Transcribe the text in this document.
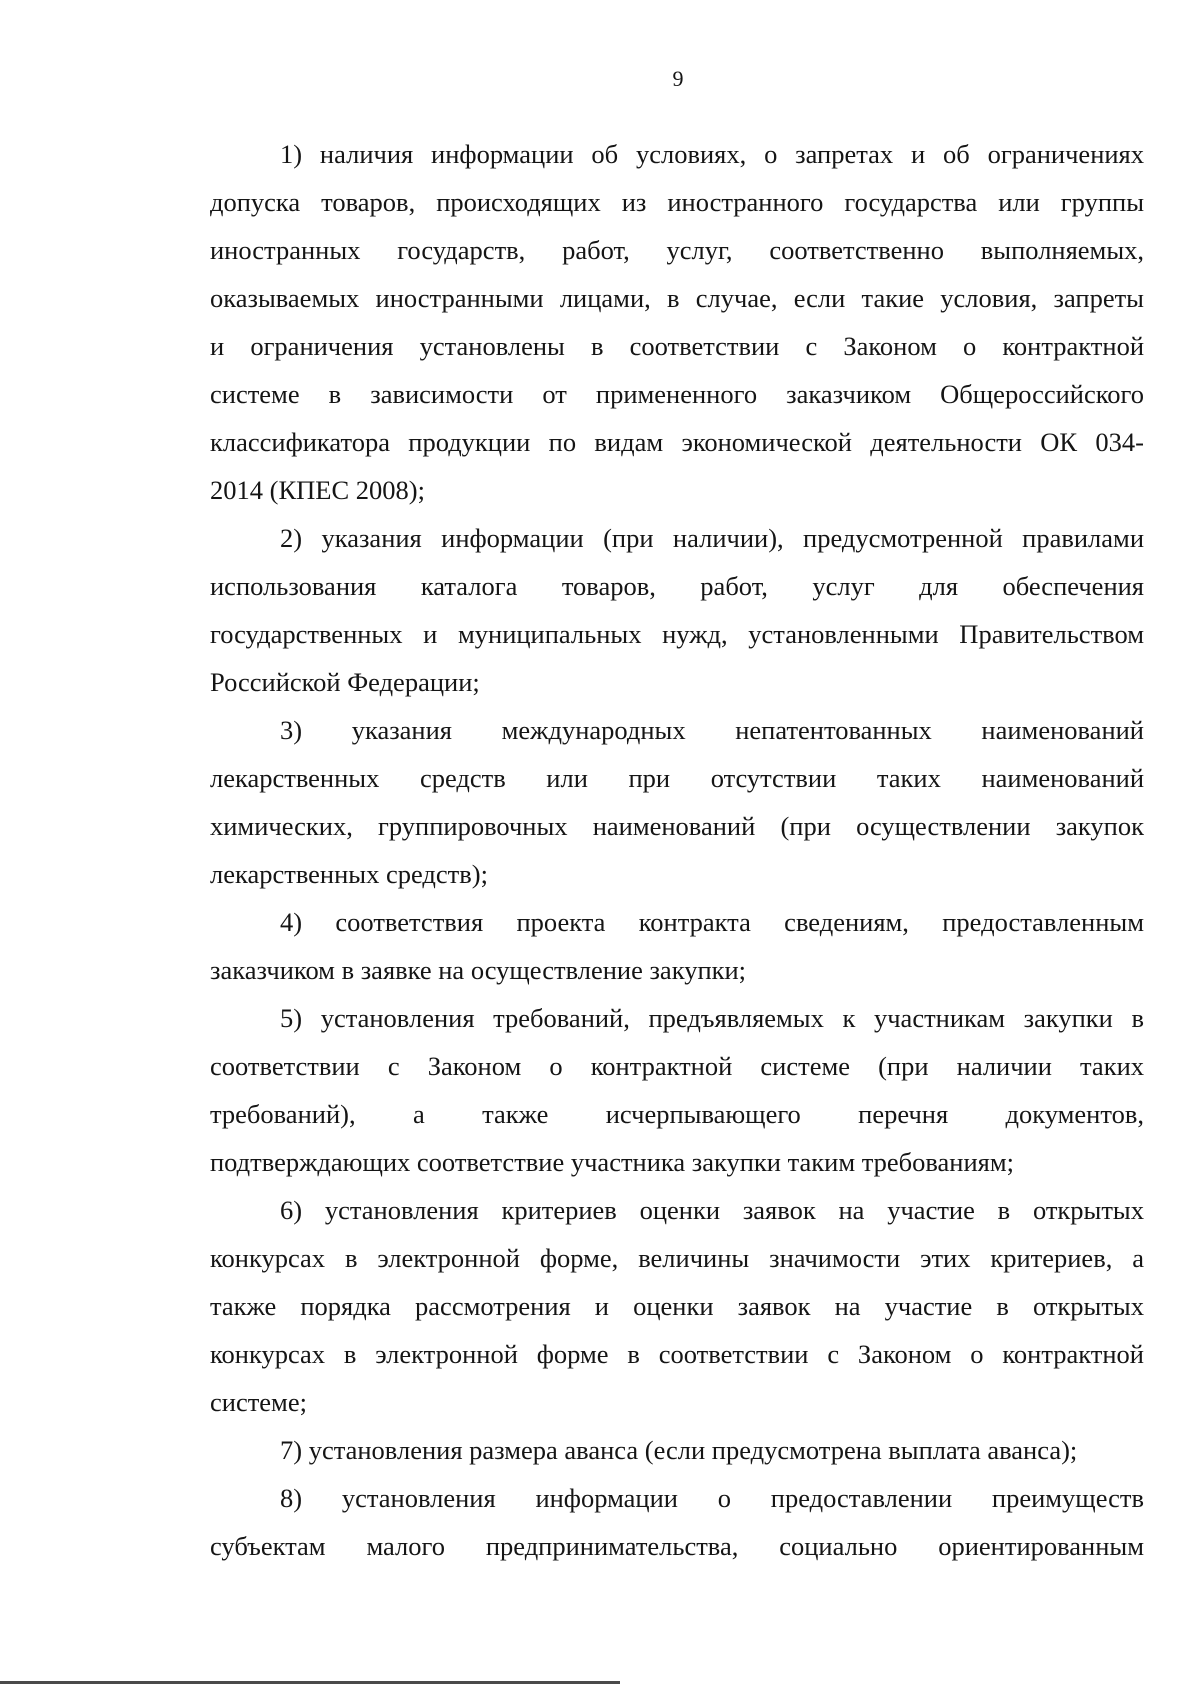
9

1) наличия информации об условиях, о запретах и об ограничениях
допуска товаров, происходящих из иностранного государства или группы
иностранных государств, работ, услуг, соответственно выполняемых,
оказываемых иностранными лицами, в случае, если такие условия, запреты
и ограничения установлены в соответствии с Законом о контрактной
системе в зависимости от примененного заказчиком Общероссийского
классификатора продукции по видам экономической деятельности ОК 034-
2014 (КПЕС 2008);

2) указания информации (при наличии), предусмотренной правилами
использования каталога товаров, работ, услуг для обеспечения
государственных и муниципальных нужд, установленными Правительством
Российской Федерации;

3) указания международных непатентованных наименований
лекарственных средств или при отсутствии таких наименований
химических, группировочных наименований (при осуществлении закупок
лекарственных средств);

4) соответствия проекта контракта сведениям, предоставленным
заказчиком в заявке на осуществление закупки;

5) установления требований, предъявляемых к участникам закупки в
соответствии с Законом о контрактной системе (при наличии таких
требований), а также исчерпывающего перечня документов,
подтверждающих соответствие участника закупки таким требованиям;

6) установления критериев оценки заявок на участие в открытых
конкурсах в электронной форме, величины значимости этих критериев, а
также порядка рассмотрения и оценки заявок на участие в открытых
конкурсах в электронной форме в соответствии с Законом о контрактной
системе;

7) установления размера аванса (если предусмотрена выплата аванса);

8) установления информации о предоставлении преимуществ
субъектам малого предпринимательства, социально ориентированным
